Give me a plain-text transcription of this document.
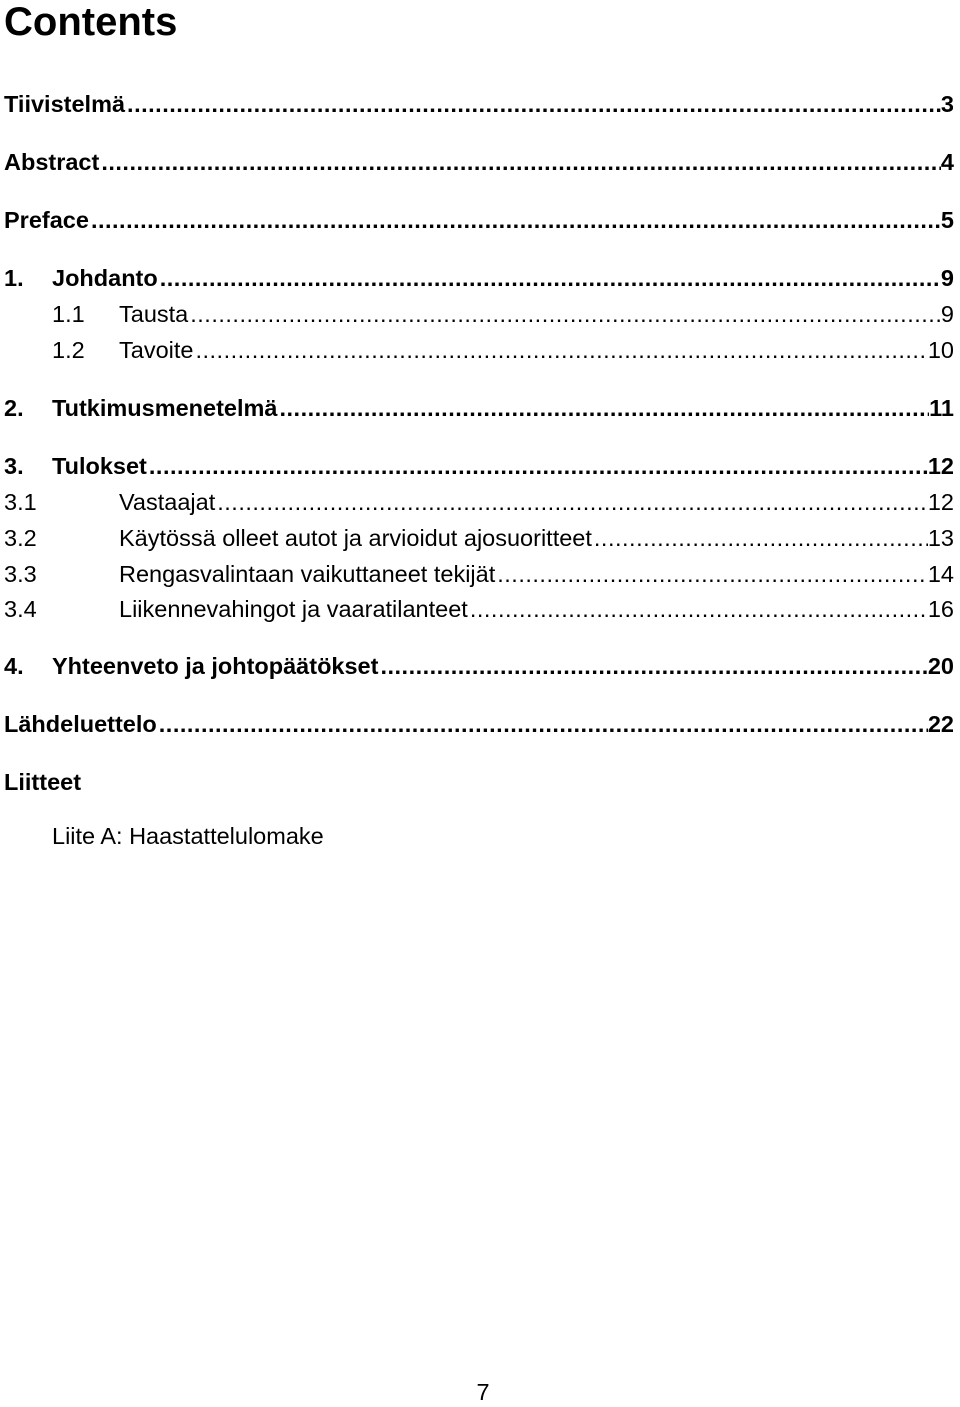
Contents
Tiivistelmä .....	3
Abstract .....	4
Preface .....	5
1.	Johdanto .....	9
1.1	Tausta .....	9
1.2	Tavoite .....	10
2.	Tutkimusmenetelmä .....	11
3.	Tulokset .....	12
3.1	Vastaajat .....	12
3.2	Käytössä olleet autot ja arvioidut ajosuoritteet .....	13
3.3	Rengasvalintaan vaikuttaneet tekijät .....	14
3.4	Liikennevahingot ja vaaratilanteet .....	16
4.	Yhteenveto ja johtopäätökset .....	20
Lähdeluettelo .....	22
Liitteet
Liite A: Haastattelulomake
7
